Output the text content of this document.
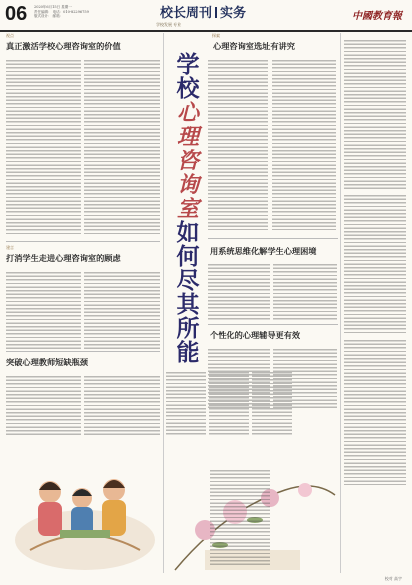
06 2020年6月15日 星期一
责任编辑： 电话：010-82296759
版式设计： 邮箱：	校长周刊 实务	中國教育報
学校发展 专业
视点
真正激活学校心理咨询室的价值
建言
打消学生走进心理咨询室的顾虑
突破心理教师短缺瓶颈
学
校
心
理
咨
询
室
如
何
尽
其
所
能
探索
心理咨询室选址有讲究
用系统思维化解学生心理困境
个性化的心理辅导更有效
校对 高宇
